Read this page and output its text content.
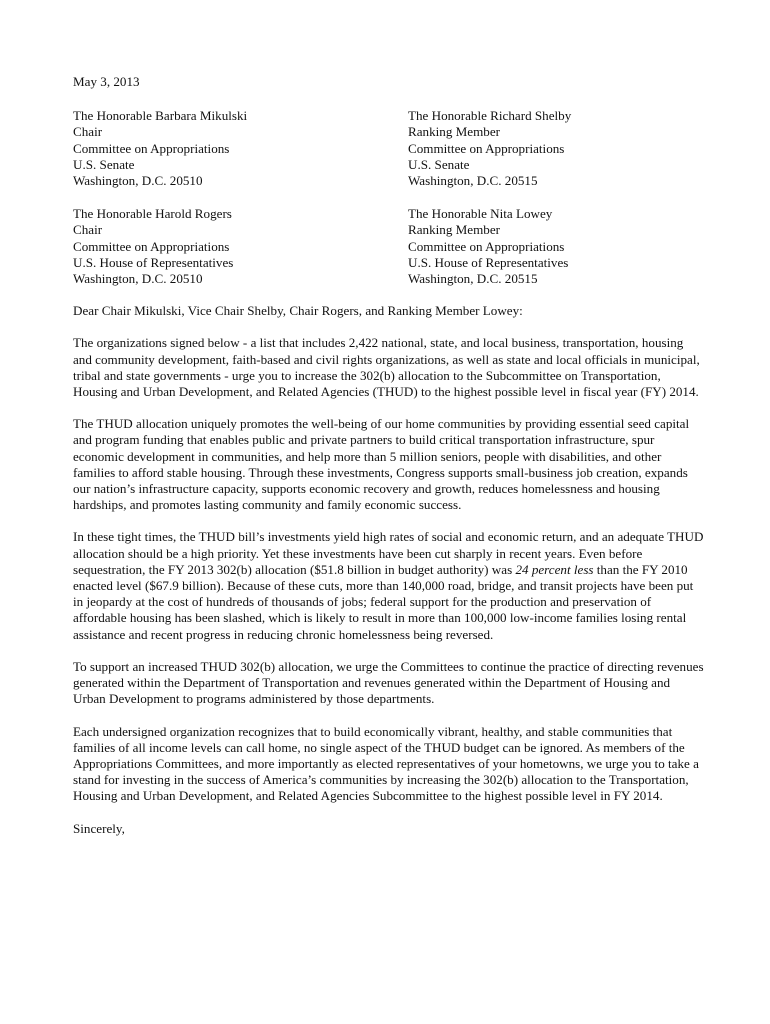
May 3, 2013
The Honorable Barbara Mikulski
Chair
Committee on Appropriations
U.S. Senate
Washington, D.C. 20510
The Honorable Richard Shelby
Ranking Member
Committee on Appropriations
U.S. Senate
Washington, D.C. 20515
The Honorable Harold Rogers
Chair
Committee on Appropriations
U.S. House of Representatives
Washington, D.C. 20510
The Honorable Nita Lowey
Ranking Member
Committee on Appropriations
U.S. House of Representatives
Washington, D.C. 20515
Dear Chair Mikulski, Vice Chair Shelby, Chair Rogers, and Ranking Member Lowey:

The organizations signed below - a list that includes 2,422 national, state, and local business, transportation, housing and community development, faith-based and civil rights organizations, as well as state and local officials in municipal, tribal and state governments - urge you to increase the 302(b) allocation to the Subcommittee on Transportation, Housing and Urban Development, and Related Agencies (THUD) to the highest possible level in fiscal year (FY) 2014.

The THUD allocation uniquely promotes the well-being of our home communities by providing essential seed capital and program funding that enables public and private partners to build critical transportation infrastructure, spur economic development in communities, and help more than 5 million seniors, people with disabilities, and other families to afford stable housing. Through these investments, Congress supports small-business job creation, expands our nation’s infrastructure capacity, supports economic recovery and growth, reduces homelessness and housing hardships, and promotes lasting community and family economic success.

In these tight times, the THUD bill’s investments yield high rates of social and economic return, and an adequate THUD allocation should be a high priority. Yet these investments have been cut sharply in recent years. Even before sequestration, the FY 2013 302(b) allocation ($51.8 billion in budget authority) was 24 percent less than the FY 2010 enacted level ($67.9 billion). Because of these cuts, more than 140,000 road, bridge, and transit projects have been put in jeopardy at the cost of hundreds of thousands of jobs; federal support for the production and preservation of affordable housing has been slashed, which is likely to result in more than 100,000 low-income families losing rental assistance and recent progress in reducing chronic homelessness being reversed.

To support an increased THUD 302(b) allocation, we urge the Committees to continue the practice of directing revenues generated within the Department of Transportation and revenues generated within the Department of Housing and Urban Development to programs administered by those departments.

Each undersigned organization recognizes that to build economically vibrant, healthy, and stable communities that families of all income levels can call home, no single aspect of the THUD budget can be ignored. As members of the Appropriations Committees, and more importantly as elected representatives of your hometowns, we urge you to take a stand for investing in the success of America’s communities by increasing the 302(b) allocation to the Transportation, Housing and Urban Development, and Related Agencies Subcommittee to the highest possible level in FY 2014.

Sincerely,
